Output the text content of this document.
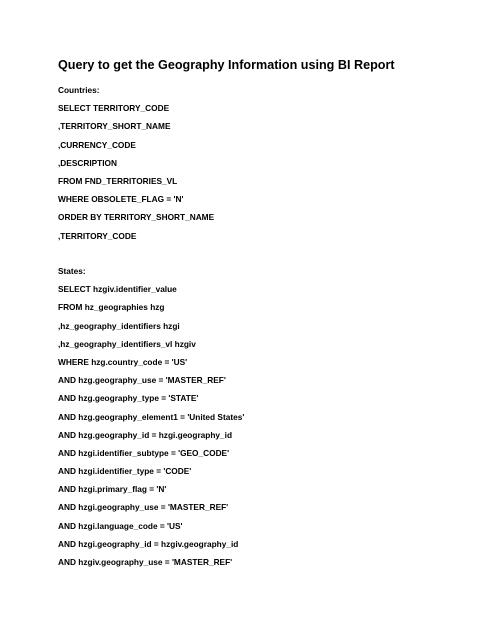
Query to get the Geography Information using BI Report
Countries:
SELECT TERRITORY_CODE
,TERRITORY_SHORT_NAME
,CURRENCY_CODE
,DESCRIPTION
FROM FND_TERRITORIES_VL
WHERE OBSOLETE_FLAG = 'N'
ORDER BY TERRITORY_SHORT_NAME
,TERRITORY_CODE
States:
SELECT hzgiv.identifier_value
FROM hz_geographies hzg
,hz_geography_identifiers hzgi
,hz_geography_identifiers_vl hzgiv
WHERE hzg.country_code = 'US'
AND hzg.geography_use = 'MASTER_REF'
AND hzg.geography_type = 'STATE'
AND hzg.geography_element1 = 'United States'
AND hzg.geography_id = hzgi.geography_id
AND hzgi.identifier_subtype = 'GEO_CODE'
AND hzgi.identifier_type = 'CODE'
AND hzgi.primary_flag = 'N'
AND hzgi.geography_use = 'MASTER_REF'
AND hzgi.language_code = 'US'
AND hzgi.geography_id = hzgiv.geography_id
AND hzgiv.geography_use = 'MASTER_REF'
